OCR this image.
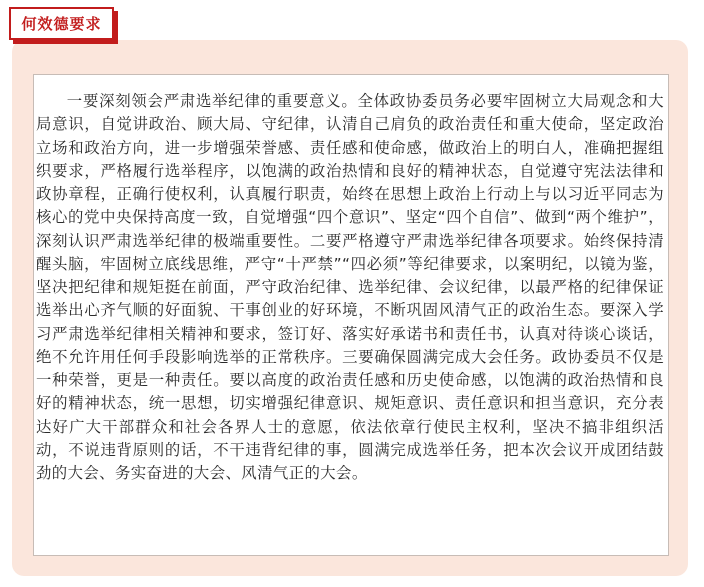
何效德要求

一要深刻领会严肃选举纪律的重要意义。全体政协委员务必要牢固树立大局观念和大局意识，自觉讲政治、顾大局、守纪律，认清自己肩负的政治责任和重大使命，坚定政治立场和政治方向，进一步增强荣誉感、责任感和使命感，做政治上的明白人，准确把握组织要求，严格履行选举程序，以饱满的政治热情和良好的精神状态，自觉遵守宪法法律和政协章程，正确行使权利，认真履行职责，始终在思想上政治上行动上与以习近平同志为核心的党中央保持高度一致，自觉增强“四个意识”、坚定“四个自信”、做到“两个维护”，深刻认识严肃选举纪律的极端重要性。二要严格遵守严肃选举纪律各项要求。始终保持清醒头脑，牢固树立底线思维，严守“十严禁”“四必须”等纪律要求，以案明纪，以镜为鉴，坚决把纪律和规矩挺在前面，严守政治纪律、选举纪律、会议纪律，以最严格的纪律保证选举出心齐气顺的好面貌、干事创业的好环境，不断巩固风清气正的政治生态。要深入学习严肃选举纪律相关精神和要求，签订好、落实好承诺书和责任书，认真对待谈心谈话，绝不允许用任何手段影响选举的正常秩序。三要确保圆满完成大会任务。政协委员不仅是一种荣誉，更是一种责任。要以高度的政治责任感和历史使命感，以饱满的政治热情和良好的精神状态，统一思想，切实增强纪律意识、规矩意识、责任意识和担当意识，充分表达好广大干部群众和社会各界人士的意愿，依法依章行使民主权利，坚决不搞非组织活动，不说违背原则的话，不干违背纪律的事，圆满完成选举任务，把本次会议开成团结鼓劲的大会、务实奋进的大会、风清气正的大会。
